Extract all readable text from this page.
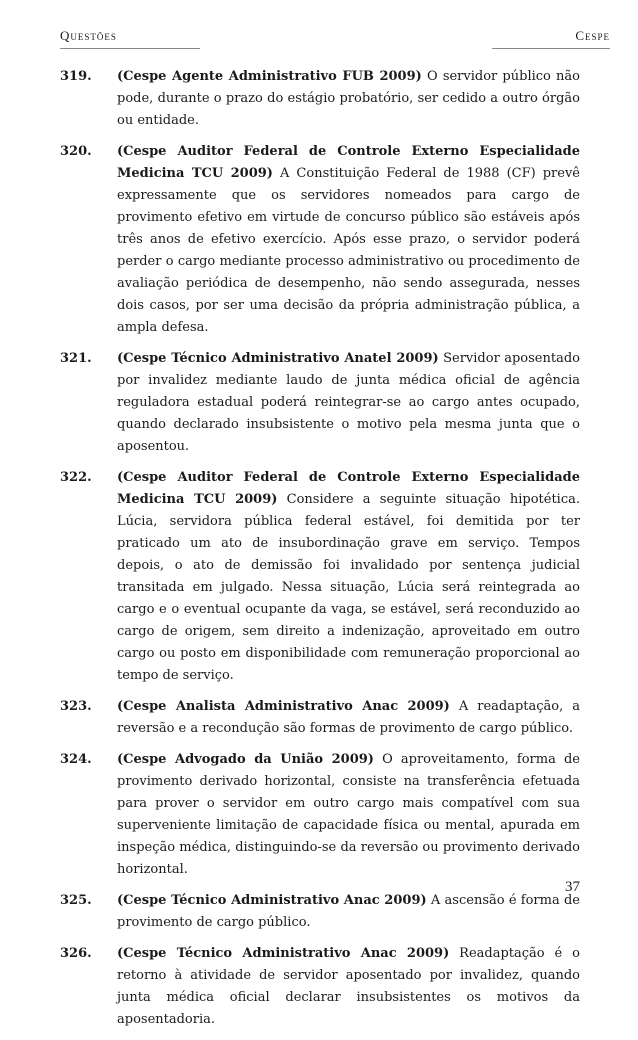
Questões	Cespe
319.	(Cespe Agente Administrativo FUB 2009) O servidor público não pode, durante o prazo do estágio probatório, ser cedido a outro órgão ou entidade.
320.	(Cespe Auditor Federal de Controle Externo Especialidade Medicina TCU 2009) A Constituição Federal de 1988 (CF) prevê expressamente que os servidores nomeados para cargo de provimento efetivo em virtude de concurso público são estáveis após três anos de efetivo exercício. Após esse prazo, o servidor poderá perder o cargo mediante processo administrativo ou procedimento de avaliação periódica de desempenho, não sendo assegurada, nesses dois casos, por ser uma decisão da própria administração pública, a ampla defesa.
321.	(Cespe Técnico Administrativo Anatel 2009) Servidor aposentado por invalidez mediante laudo de junta médica oficial de agência reguladora estadual poderá reintegrar-se ao cargo antes ocupado, quando declarado insubsistente o motivo pela mesma junta que o aposentou.
322.	(Cespe Auditor Federal de Controle Externo Especialidade Medicina TCU 2009) Considere a seguinte situação hipotética. Lúcia, servidora pública federal estável, foi demitida por ter praticado um ato de insubordinação grave em serviço. Tempos depois, o ato de demissão foi invalidado por sentença judicial transitada em julgado. Nessa situação, Lúcia será reintegrada ao cargo e o eventual ocupante da vaga, se estável, será reconduzido ao cargo de origem, sem direito a indenização, aproveitado em outro cargo ou posto em disponibilidade com remuneração proporcional ao tempo de serviço.
323.	(Cespe Analista Administrativo Anac 2009) A readaptação, a reversão e a recondução são formas de provimento de cargo público.
324.	(Cespe Advogado da União 2009) O aproveitamento, forma de provimento derivado horizontal, consiste na transferência efetuada para prover o servidor em outro cargo mais compatível com sua superveniente limitação de capacidade física ou mental, apurada em inspeção médica, distinguindo-se da reversão ou provimento derivado horizontal.
325.	(Cespe Técnico Administrativo Anac 2009) A ascensão é forma de provimento de cargo público.
326.	(Cespe Técnico Administrativo Anac 2009) Readaptação é o retorno à atividade de servidor aposentado por invalidez, quando junta médica oficial declarar insubsistentes os motivos da aposentadoria.
37
